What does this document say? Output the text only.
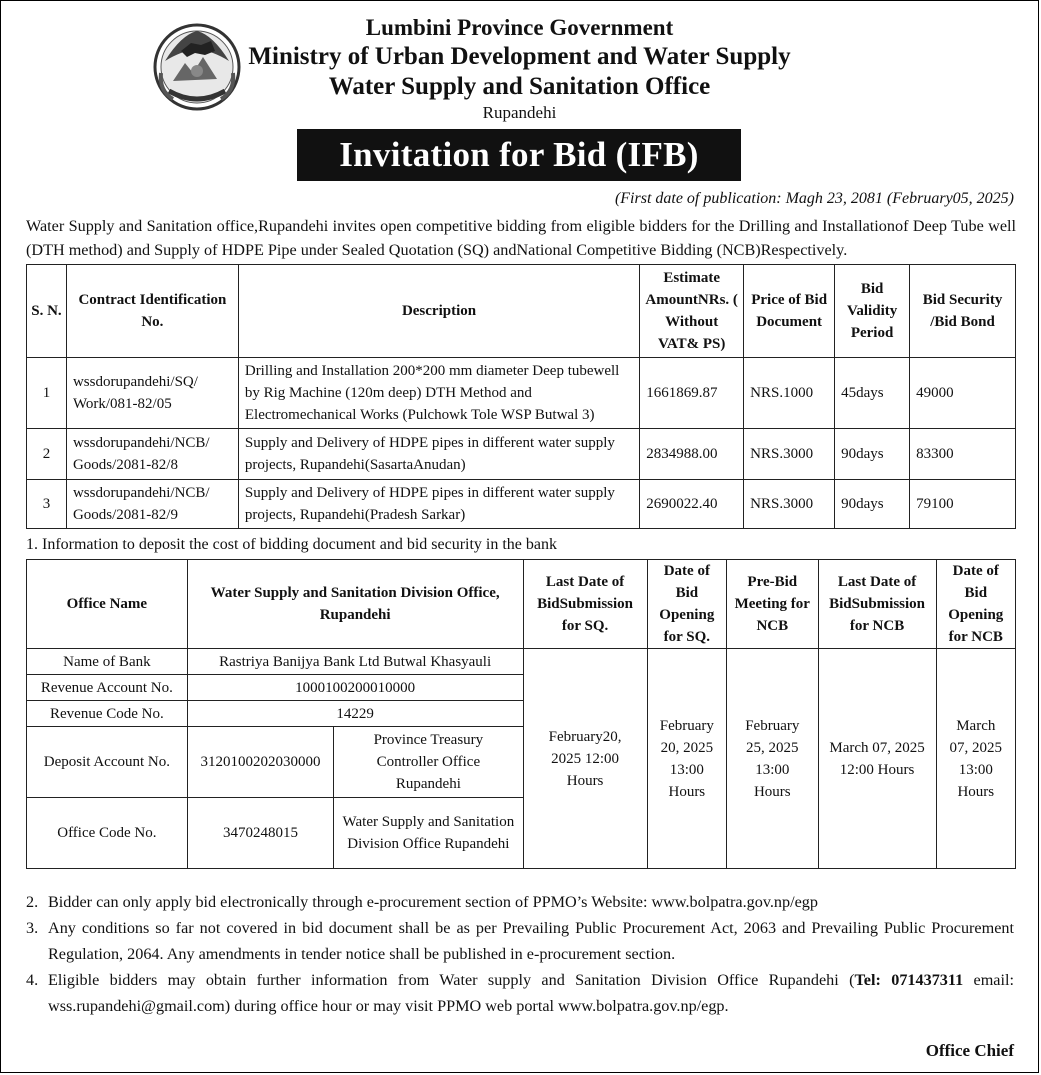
Lumbini Province Government
Ministry of Urban Development and Water Supply
Water Supply and Sanitation Office
Rupandehi
Invitation for Bid (IFB)
(First date of publication: Magh 23, 2081 (February05, 2025)
Water Supply and Sanitation office,Rupandehi invites open competitive bidding from eligible bidders for the Drilling and Installationof Deep Tube well (DTH method) and Supply of HDPE Pipe under Sealed Quotation (SQ) andNational Competitive Bidding (NCB)Respectively.
S. N.	Contract Identification No.	Description	Estimate AmountNRs. ( Without VAT& PS)	Price of Bid Document	Bid Validity Period	Bid Security /Bid Bond
1	wssdorupandehi/SQ/ Work/081-82/05	Drilling and Installation 200*200 mm diameter Deep tubewell by Rig Machine (120m deep) DTH Method and Electromechanical Works (Pulchowk Tole WSP Butwal 3)	1661869.87	NRS.1000	45days	49000
2	wssdorupandehi/NCB/ Goods/2081-82/8	Supply and Delivery of HDPE pipes in different water supply projects, Rupandehi(SasartaAnudan)	2834988.00	NRS.3000	90days	83300
3	wssdorupandehi/NCB/ Goods/2081-82/9	Supply and Delivery of HDPE pipes in different water supply projects, Rupandehi(Pradesh Sarkar)	2690022.40	NRS.3000	90days	79100
1. Information to deposit the cost of bidding document and bid security in the bank
Office Name	Water Supply and Sanitation Division Office, Rupandehi		Last Date of BidSubmission for SQ.	Date of Bid Opening for SQ.	Pre-Bid Meeting for NCB	Last Date of BidSubmission for NCB	Date of Bid Opening for NCB
Name of Bank	Rastriya Banijya Bank Ltd Butwal Khasyauli		February20, 2025 12:00 Hours	February 20, 2025 13:00 Hours	February 25, 2025 13:00 Hours	March 07, 2025 12:00 Hours	March 07, 2025 13:00 Hours
Revenue Account No.	1000100200010000						
Revenue Code No.	14229						
Deposit Account No.	3120100202030000	Province Treasury Controller Office Rupandehi					
Office Code No.	3470248015	Water Supply and Sanitation Division Office Rupandehi					
2. Bidder can only apply bid electronically through e-procurement section of PPMO’s Website: www.bolpatra.gov.np/egp
3. Any conditions so far not covered in bid document shall be as per Prevailing Public Procurement Act, 2063 and Prevailing Public Procurement Regulation, 2064. Any amendments in tender notice shall be published in e-procurement section.
4. Eligible bidders may obtain further information from Water supply and Sanitation Division Office Rupandehi (Tel: 071437311 email: wss.rupandehi@gmail.com) during office hour or may visit PPMO web portal www.bolpatra.gov.np/egp.
Office Chief
